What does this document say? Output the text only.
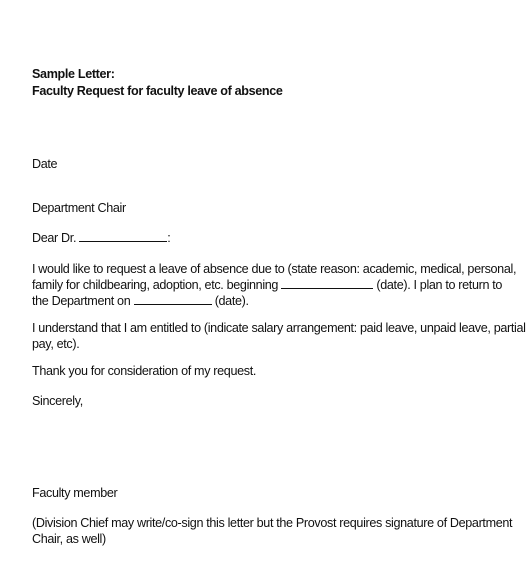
Sample Letter:
Faculty Request for faculty leave of absence
Date
Department Chair
Dear Dr.	:
I would like to request a leave of absence due to (state reason: academic, medical, personal,
family for childbearing, adoption, etc. beginning	(date). I plan to return to
the Department on	(date).
I understand that I am entitled to (indicate salary arrangement: paid leave, unpaid leave, partial
pay, etc).
Thank you for consideration of my request.
Sincerely,
Faculty member
(Division Chief may write/co-sign this letter but the Provost requires signature of Department
Chair, as well)
